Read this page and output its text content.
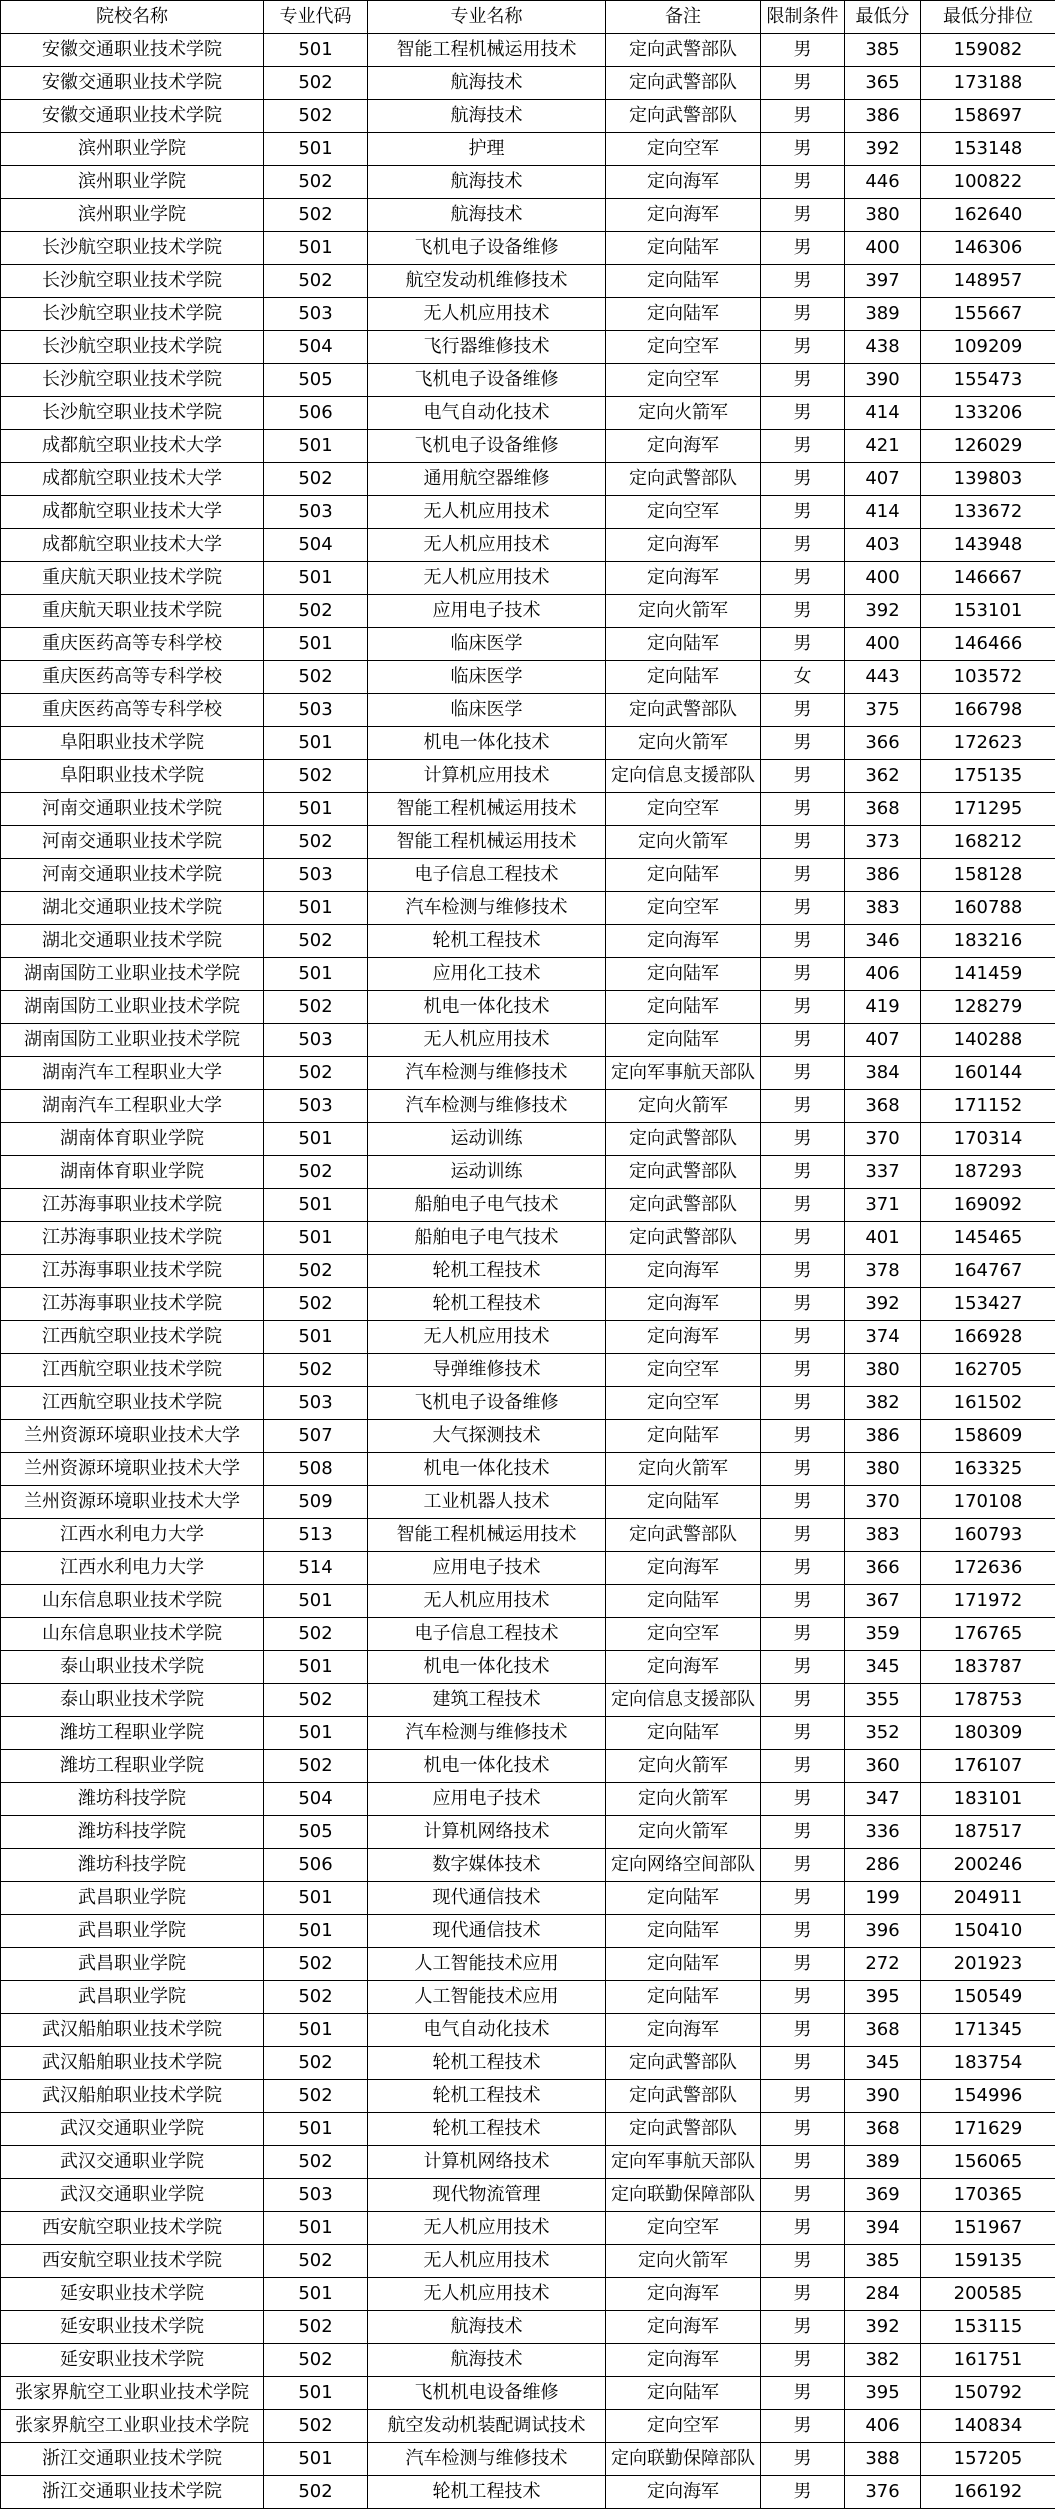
院校名称	专业代码	专业名称	备注	限制条件	最低分	最低分排位
安徽交通职业技术学院	501	智能工程机械运用技术	定向武警部队	男	385	159082
安徽交通职业技术学院	502	航海技术	定向武警部队	男	365	173188
安徽交通职业技术学院	502	航海技术	定向武警部队	男	386	158697
滨州职业学院	501	护理	定向空军	男	392	153148
滨州职业学院	502	航海技术	定向海军	男	446	100822
滨州职业学院	502	航海技术	定向海军	男	380	162640
长沙航空职业技术学院	501	飞机电子设备维修	定向陆军	男	400	146306
长沙航空职业技术学院	502	航空发动机维修技术	定向陆军	男	397	148957
长沙航空职业技术学院	503	无人机应用技术	定向陆军	男	389	155667
长沙航空职业技术学院	504	飞行器维修技术	定向空军	男	438	109209
长沙航空职业技术学院	505	飞机电子设备维修	定向空军	男	390	155473
长沙航空职业技术学院	506	电气自动化技术	定向火箭军	男	414	133206
成都航空职业技术大学	501	飞机电子设备维修	定向海军	男	421	126029
成都航空职业技术大学	502	通用航空器维修	定向武警部队	男	407	139803
成都航空职业技术大学	503	无人机应用技术	定向空军	男	414	133672
成都航空职业技术大学	504	无人机应用技术	定向海军	男	403	143948
重庆航天职业技术学院	501	无人机应用技术	定向海军	男	400	146667
重庆航天职业技术学院	502	应用电子技术	定向火箭军	男	392	153101
重庆医药高等专科学校	501	临床医学	定向陆军	男	400	146466
重庆医药高等专科学校	502	临床医学	定向陆军	女	443	103572
重庆医药高等专科学校	503	临床医学	定向武警部队	男	375	166798
阜阳职业技术学院	501	机电一体化技术	定向火箭军	男	366	172623
阜阳职业技术学院	502	计算机应用技术	定向信息支援部队	男	362	175135
河南交通职业技术学院	501	智能工程机械运用技术	定向空军	男	368	171295
河南交通职业技术学院	502	智能工程机械运用技术	定向火箭军	男	373	168212
河南交通职业技术学院	503	电子信息工程技术	定向陆军	男	386	158128
湖北交通职业技术学院	501	汽车检测与维修技术	定向空军	男	383	160788
湖北交通职业技术学院	502	轮机工程技术	定向海军	男	346	183216
湖南国防工业职业技术学院	501	应用化工技术	定向陆军	男	406	141459
湖南国防工业职业技术学院	502	机电一体化技术	定向陆军	男	419	128279
湖南国防工业职业技术学院	503	无人机应用技术	定向陆军	男	407	140288
湖南汽车工程职业大学	502	汽车检测与维修技术	定向军事航天部队	男	384	160144
湖南汽车工程职业大学	503	汽车检测与维修技术	定向火箭军	男	368	171152
湖南体育职业学院	501	运动训练	定向武警部队	男	370	170314
湖南体育职业学院	502	运动训练	定向武警部队	男	337	187293
江苏海事职业技术学院	501	船舶电子电气技术	定向武警部队	男	371	169092
江苏海事职业技术学院	501	船舶电子电气技术	定向武警部队	男	401	145465
江苏海事职业技术学院	502	轮机工程技术	定向海军	男	378	164767
江苏海事职业技术学院	502	轮机工程技术	定向海军	男	392	153427
江西航空职业技术学院	501	无人机应用技术	定向海军	男	374	166928
江西航空职业技术学院	502	导弹维修技术	定向空军	男	380	162705
江西航空职业技术学院	503	飞机电子设备维修	定向空军	男	382	161502
兰州资源环境职业技术大学	507	大气探测技术	定向陆军	男	386	158609
兰州资源环境职业技术大学	508	机电一体化技术	定向火箭军	男	380	163325
兰州资源环境职业技术大学	509	工业机器人技术	定向陆军	男	370	170108
江西水利电力大学	513	智能工程机械运用技术	定向武警部队	男	383	160793
江西水利电力大学	514	应用电子技术	定向海军	男	366	172636
山东信息职业技术学院	501	无人机应用技术	定向陆军	男	367	171972
山东信息职业技术学院	502	电子信息工程技术	定向空军	男	359	176765
泰山职业技术学院	501	机电一体化技术	定向海军	男	345	183787
泰山职业技术学院	502	建筑工程技术	定向信息支援部队	男	355	178753
潍坊工程职业学院	501	汽车检测与维修技术	定向陆军	男	352	180309
潍坊工程职业学院	502	机电一体化技术	定向火箭军	男	360	176107
潍坊科技学院	504	应用电子技术	定向火箭军	男	347	183101
潍坊科技学院	505	计算机网络技术	定向火箭军	男	336	187517
潍坊科技学院	506	数字媒体技术	定向网络空间部队	男	286	200246
武昌职业学院	501	现代通信技术	定向陆军	男	199	204911
武昌职业学院	501	现代通信技术	定向陆军	男	396	150410
武昌职业学院	502	人工智能技术应用	定向陆军	男	272	201923
武昌职业学院	502	人工智能技术应用	定向陆军	男	395	150549
武汉船舶职业技术学院	501	电气自动化技术	定向海军	男	368	171345
武汉船舶职业技术学院	502	轮机工程技术	定向武警部队	男	345	183754
武汉船舶职业技术学院	502	轮机工程技术	定向武警部队	男	390	154996
武汉交通职业学院	501	轮机工程技术	定向武警部队	男	368	171629
武汉交通职业学院	502	计算机网络技术	定向军事航天部队	男	389	156065
武汉交通职业学院	503	现代物流管理	定向联勤保障部队	男	369	170365
西安航空职业技术学院	501	无人机应用技术	定向空军	男	394	151967
西安航空职业技术学院	502	无人机应用技术	定向火箭军	男	385	159135
延安职业技术学院	501	无人机应用技术	定向海军	男	284	200585
延安职业技术学院	502	航海技术	定向海军	男	392	153115
延安职业技术学院	502	航海技术	定向海军	男	382	161751
张家界航空工业职业技术学院	501	飞机机电设备维修	定向陆军	男	395	150792
张家界航空工业职业技术学院	502	航空发动机装配调试技术	定向空军	男	406	140834
浙江交通职业技术学院	501	汽车检测与维修技术	定向联勤保障部队	男	388	157205
浙江交通职业技术学院	502	轮机工程技术	定向海军	男	376	166192
